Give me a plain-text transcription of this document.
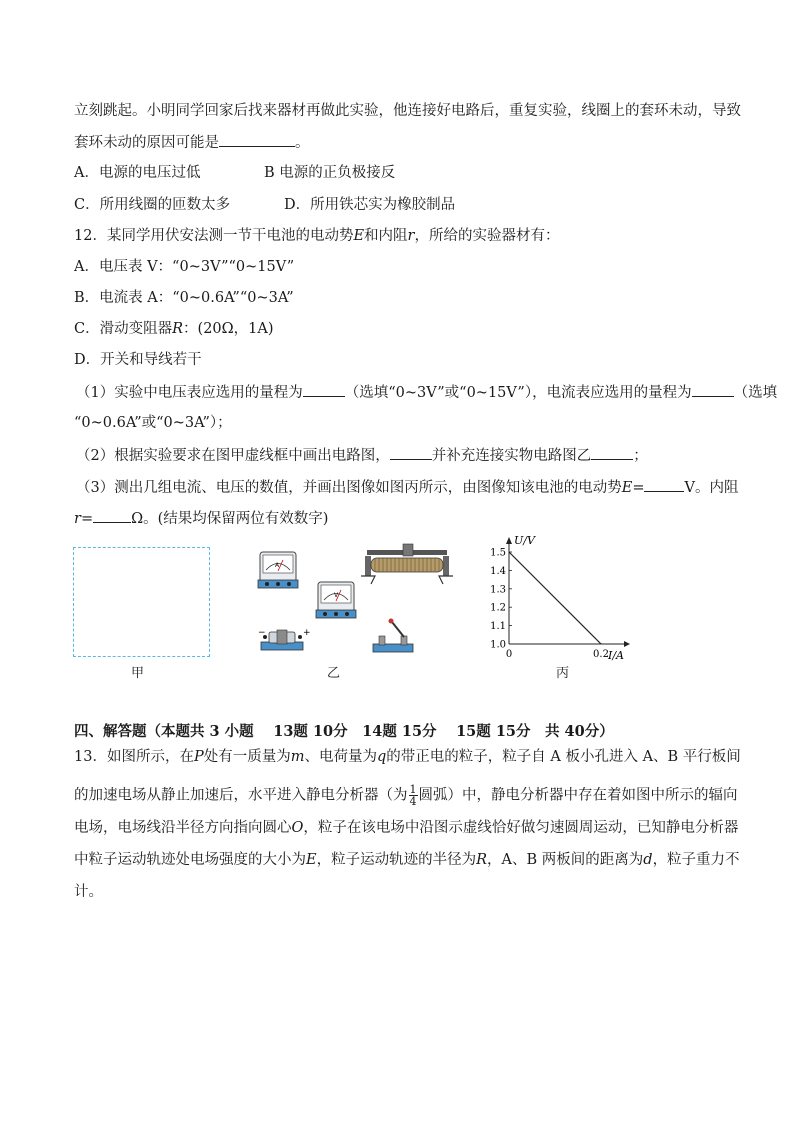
立刻跳起。小明同学回家后找来器材再做此实验，他连接好电路后，重复实验，线圈上的套环未动，导致
套环未动的原因可能是	。
A．电源的电压过低	B 电源的正负极接反
C．所用线圈的匝数太多	D．所用铁芯实为橡胶制品
12．某同学用伏安法测一节干电池的电动势E和内阻r，所给的实验器材有：
A．电压表 V：“0~3V”“0~15V”
B．电流表 A：“0~0.6A”“0~3A”
C．滑动变阻器R：(20Ω，1A)
D．开关和导线若干
（1）实验中电压表应选用的量程为	（选填“0~3V”或“0~15V”），电流表应选用的量程为	（选填
“0~0.6A”或“0~3A”）；
（2）根据实验要求在图甲虚线框中画出电路图，	并补充连接实物电路图乙	；
（3）测出几组电流、电压的数值，并画出图像如图丙所示，由图像知该电池的电动势E=	V。内阻
r=	Ω。(结果均保留两位有效数字)
甲
A
V
−	+
乙
1.0
1.1
1.2
1.3
1.4
1.5
0	0.2
U/V
I/A
丙
四、解答题（本题共 3 小题　 13题 10分　14题 15分　 15题 15分　共 40分）
13．如图所示，在P处有一质量为m、电荷量为q的带正电的粒子，粒子自 A 板小孔进入 A、B 平行板间
的加速电场从静止加速后，水平进入静电分析器（为 $\frac{1}{4}$ 圆弧）中，静电分析器中存在着如图中所示的辐向
电场，电场线沿半径方向指向圆心O，粒子在该电场中沿图示虚线恰好做匀速圆周运动，已知静电分析器
中粒子运动轨迹处电场强度的大小为E，粒子运动轨迹的半径为R，A、B 两板间的距离为d，粒子重力不
计。
